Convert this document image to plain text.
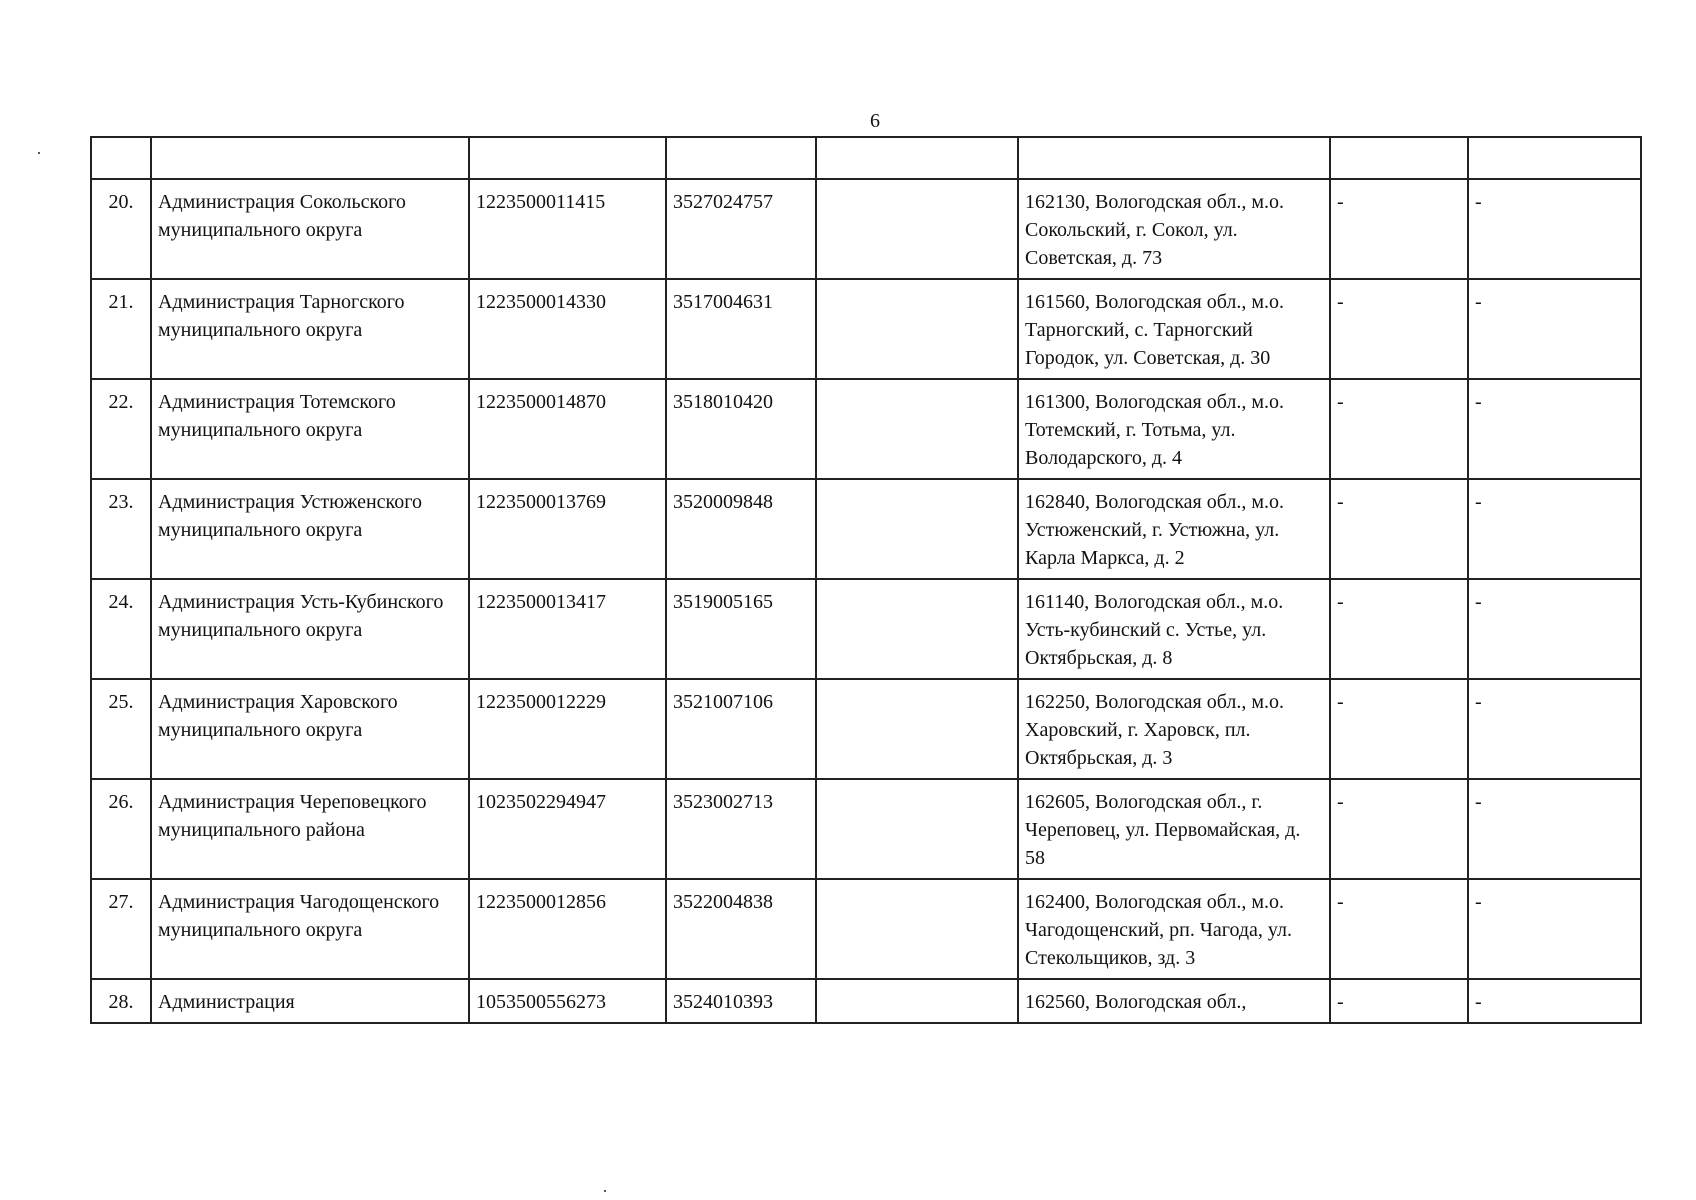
6

20.	Администрация Сокольского муниципального округа	1223500011415	3527024757		162130, Вологодская обл., м.о. Сокольский, г. Сокол, ул. Советская, д. 73	-	-
21.	Администрация Тарногского муниципального округа	1223500014330	3517004631		161560, Вологодская обл., м.о. Тарногский, с. Тарногский Городок, ул. Советская, д. 30	-	-
22.	Администрация Тотемского муниципального округа	1223500014870	3518010420		161300, Вологодская обл., м.о. Тотемский, г. Тотьма, ул. Володарского, д. 4	-	-
23.	Администрация Устюженского муниципального округа	1223500013769	3520009848		162840, Вологодская обл., м.о. Устюженский, г. Устюжна, ул. Карла Маркса, д. 2	-	-
24.	Администрация Усть-Кубинского муниципального округа	1223500013417	3519005165		161140, Вологодская обл., м.о. Усть-кубинский с. Устье, ул. Октябрьская, д. 8	-	-
25.	Администрация Харовского муниципального округа	1223500012229	3521007106		162250, Вологодская обл., м.о. Харовский, г. Харовск, пл. Октябрьская, д. 3	-	-
26.	Администрация Череповецкого муниципального района	1023502294947	3523002713		162605, Вологодская обл., г. Череповец, ул. Первомайская, д. 58	-	-
27.	Администрация Чагодощенского муниципального округа	1223500012856	3522004838		162400, Вологодская обл., м.о. Чагодощенский, рп. Чагода, ул. Стекольщиков, зд. 3	-	-
28.	Администрация	1053500556273	3524010393		162560, Вологодская обл.,	-	-
